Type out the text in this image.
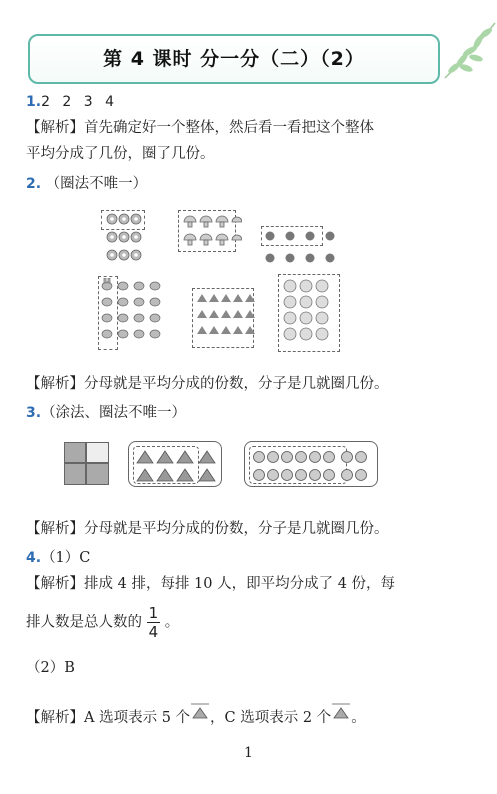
第 4 课时 分一分（二）（2）
1.2 2 3 4
【解析】首先确定好一个整体，然后看一看把这个整体
平均分成了几份，圈了几份。
2. （圈法不唯一）
【解析】分母就是平均分成的份数，分子是几就圈几份。
3.（涂法、圈法不唯一）
【解析】分母就是平均分成的份数，分子是几就圈几份。
4.（1）C
【解析】排成 4 排，每排 10 人，即平均分成了 4 份，每
排人数是总人数的 $\frac{1}{4}$ 。
（2）B
【解析】A 选项表示 5 个 ，C 选项表示 2 个 。
1
